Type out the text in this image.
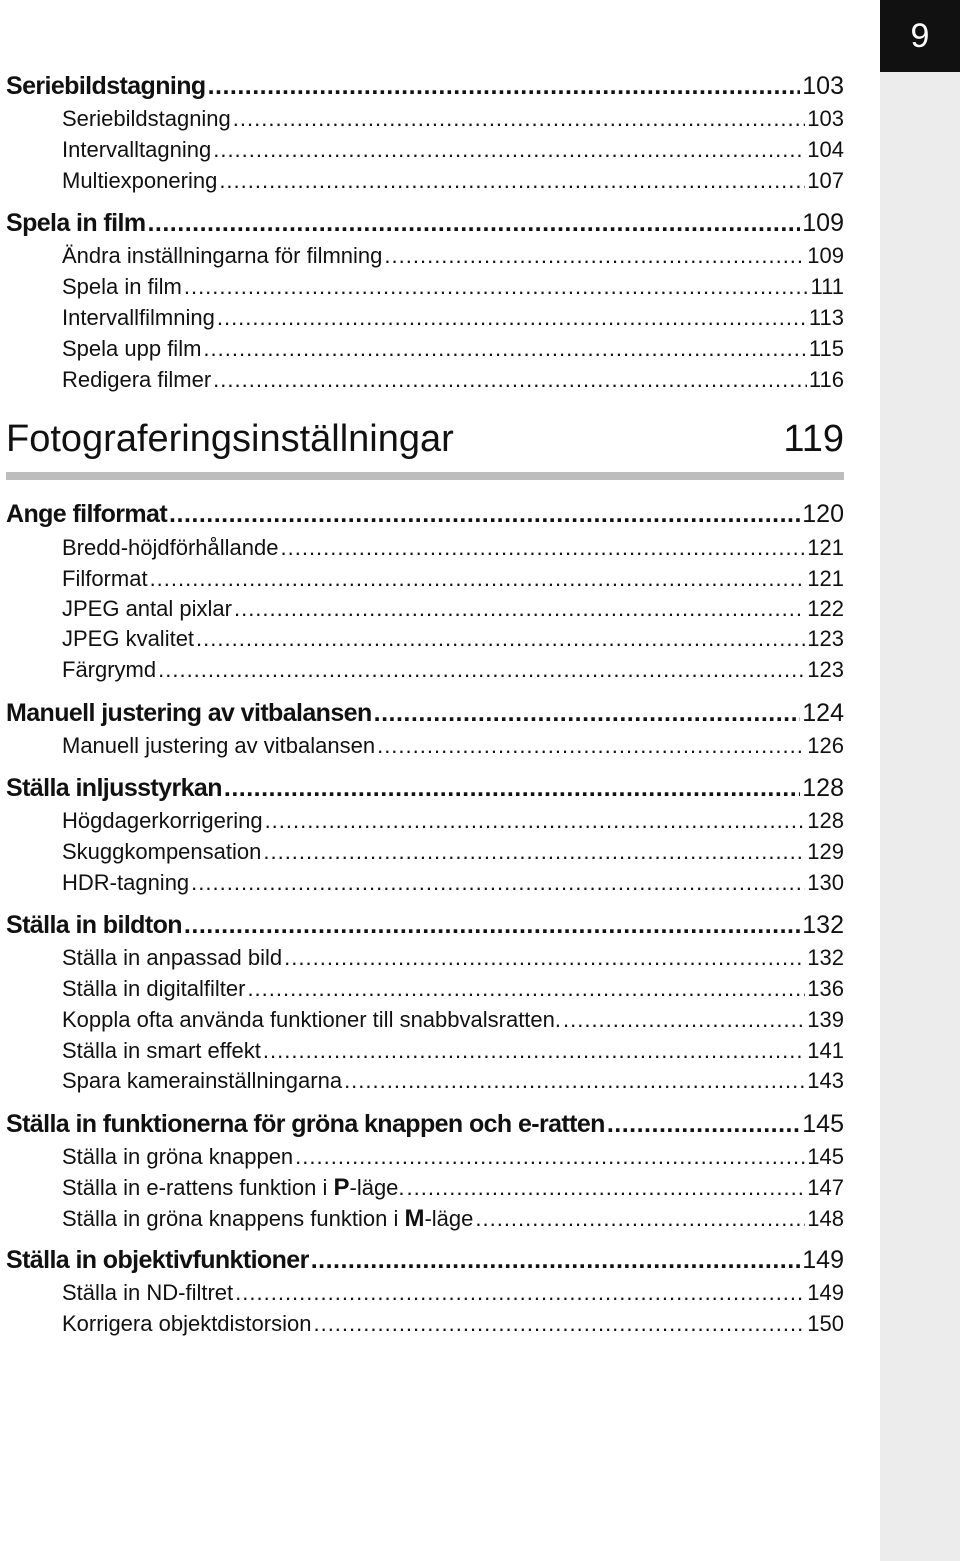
9
Seriebildstagning .....	103
Seriebildstagning .....	103
Intervalltagning .....	104
Multiexponering .....	107
Spela in film .....	109
Ändra inställningarna för filmning .....	109
Spela in film .....	111
Intervallfilmning .....	113
Spela upp film .....	115
Redigera filmer .....	116
Fotograferingsinställningar	119
Ange filformat .....	120
Bredd-höjdförhållande .....	121
Filformat .....	121
JPEG antal pixlar .....	122
JPEG kvalitet .....	123
Färgrymd .....	123
Manuell justering av vitbalansen .....	124
Manuell justering av vitbalansen .....	126
Ställa inljusstyrkan .....	128
Högdagerkorrigering .....	128
Skuggkompensation .....	129
HDR-tagning .....	130
Ställa in bildton .....	132
Ställa in anpassad bild .....	132
Ställa in digitalfilter .....	136
Koppla ofta använda funktioner till snabbvalsratten. .....	139
Ställa in smart effekt .....	141
Spara kamerainställningarna .....	143
Ställa in funktionerna för gröna knappen och e-ratten .....	145
Ställa in gröna knappen .....	145
Ställa in e-rattens funktion i P-läge. .....	147
Ställa in gröna knappens funktion i M-läge .....	148
Ställa in objektivfunktioner .....	149
Ställa in ND-filtret .....	149
Korrigera objektdistorsion .....	150
